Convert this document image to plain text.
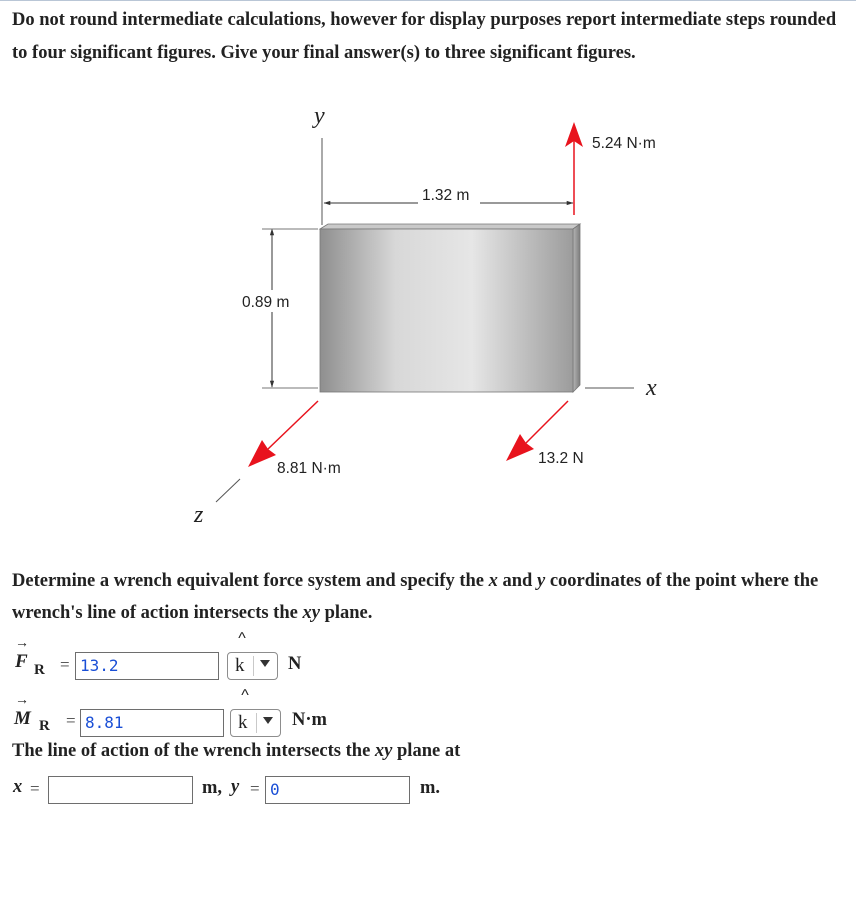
Do not round intermediate calculations, however for display purposes report intermediate steps rounded to four significant figures. Give your final answer(s) to three significant figures.
y
1.32 m
0.89 m
x
z
5.24 N·m
8.81 N·m
13.2 N
Determine a wrench equivalent force system and specify the x and y coordinates of the point where the wrench's line of action intersects the xy plane.
→
F R = 13.2
^
k N
→
M R = 8.81
^
k N·m
The line of action of the wrench intersects the xy plane at
x =	m, y = 0	m.
